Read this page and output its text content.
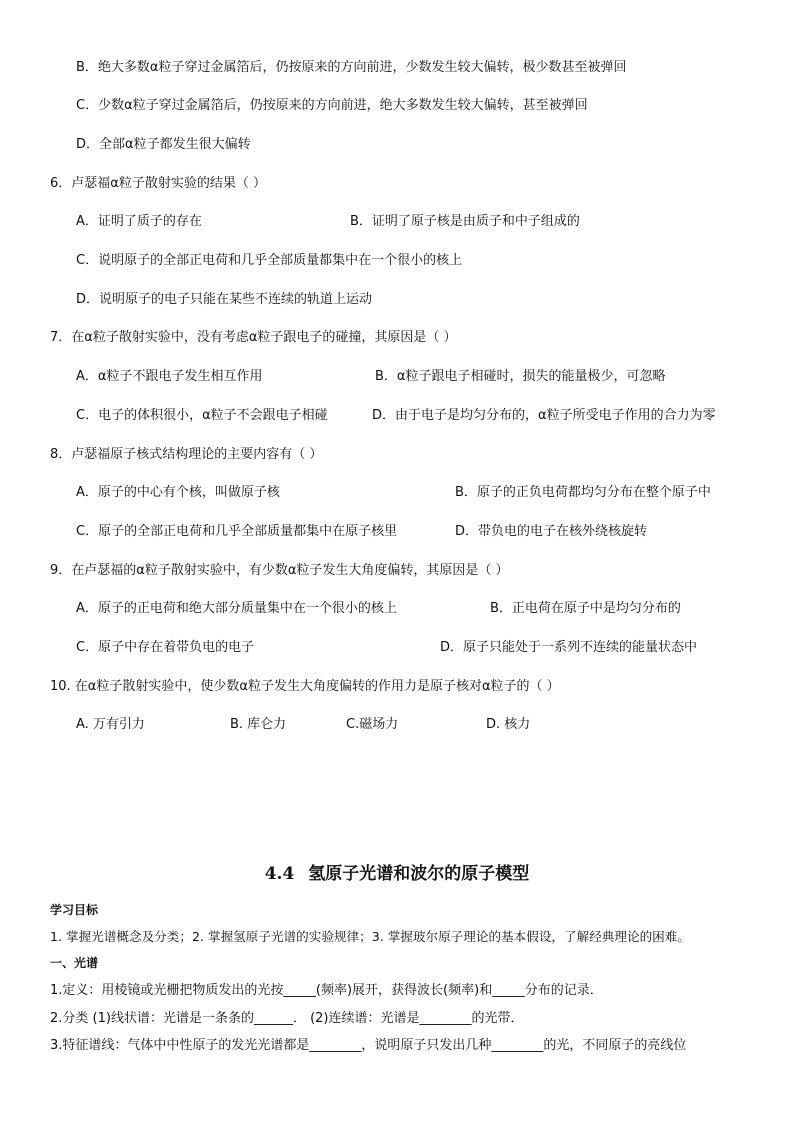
B．绝大多数α粒子穿过金属箔后，仍按原来的方向前进，少数发生较大偏转，极少数甚至被弹回
C．少数α粒子穿过金属箔后，仍按原来的方向前进，绝大多数发生较大偏转，甚至被弹回
D．全部α粒子都发生很大偏转
6．卢瑟福α粒子散射实验的结果（ ）
A．证明了质子的存在	B．证明了原子核是由质子和中子组成的
C．说明原子的全部正电荷和几乎全部质量都集中在一个很小的核上
D．说明原子的电子只能在某些不连续的轨道上运动
7．在α粒子散射实验中，没有考虑α粒子跟电子的碰撞，其原因是（ ）
A．α粒子不跟电子发生相互作用	B．α粒子跟电子相碰时，损失的能量极少，可忽略
C．电子的体积很小，α粒子不会跟电子相碰	D．由于电子是均匀分布的，α粒子所受电子作用的合力为零
8．卢瑟福原子核式结构理论的主要内容有（ ）
A．原子的中心有个核，叫做原子核	B．原子的正负电荷都均匀分布在整个原子中
C．原子的全部正电荷和几乎全部质量都集中在原子核里	D．带负电的电子在核外绕核旋转
9．在卢瑟福的α粒子散射实验中，有少数α粒子发生大角度偏转，其原因是（ ）
A．原子的正电荷和绝大部分质量集中在一个很小的核上	B．正电荷在原子中是均匀分布的
C．原子中存在着带负电的电子	D．原子只能处于一系列不连续的能量状态中
10. 在α粒子散射实验中，使少数α粒子发生大角度偏转的作用力是原子核对α粒子的（ ）
A. 万有引力	B. 库仑力	C.磁场力	D. 核力
4.4 氢原子光谱和波尔的原子模型
学习目标
1. 掌握光谱概念及分类；2. 掌握氢原子光谱的实验规律；3. 掌握玻尔原子理论的基本假设，了解经典理论的困难。
一、光谱
1.定义：用棱镜或光栅把物质发出的光按_____(频率)展开，获得波长(频率)和_____分布的记录．
2.分类 (1)线状谱：光谱是一条条的______． (2)连续谱：光谱是________的光带．
3.特征谱线：气体中中性原子的发光光谱都是________，说明原子只发出几种________的光，不同原子的亮线位
